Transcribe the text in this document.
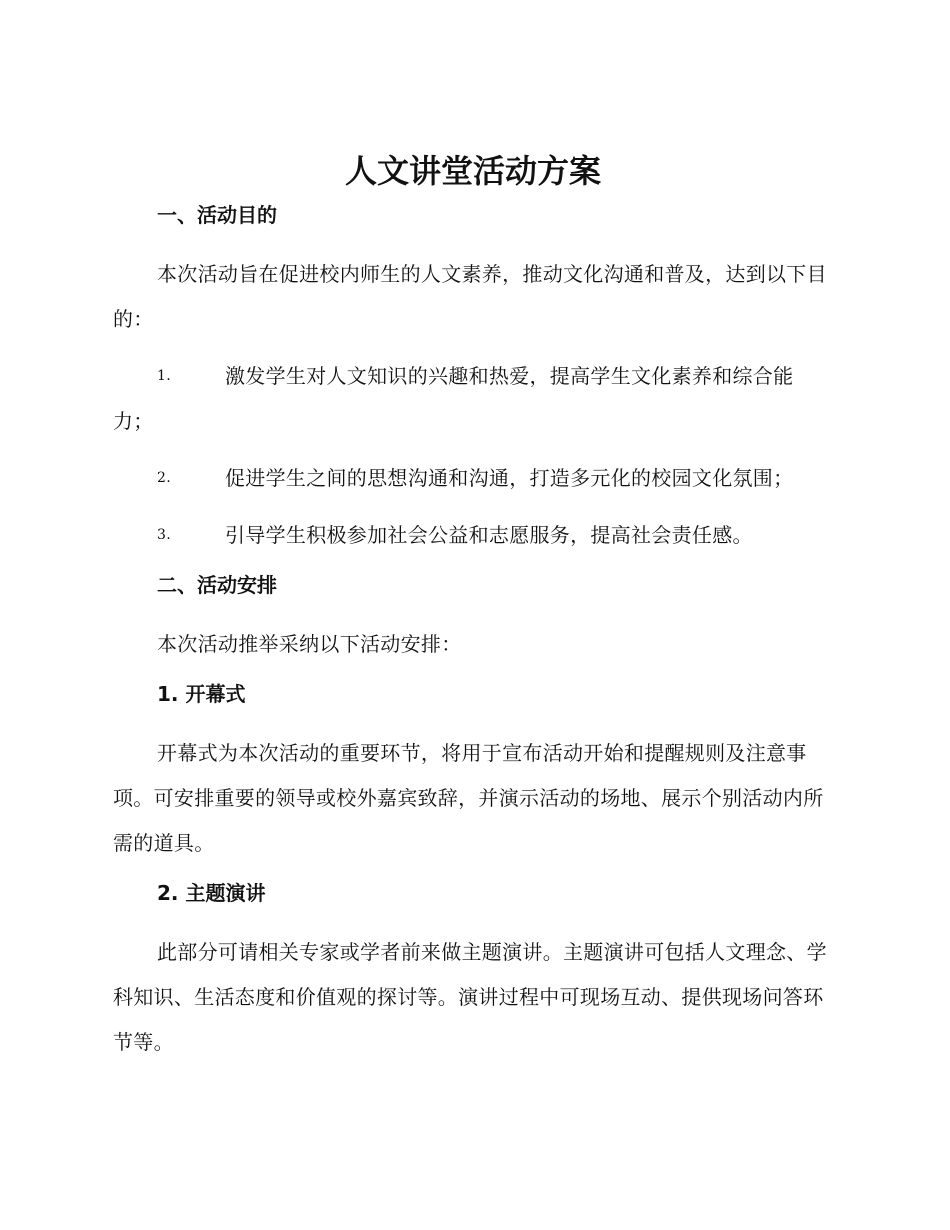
人文讲堂活动方案
一、活动目的

本次活动旨在促进校内师生的人文素养，推动文化沟通和普及，达到以下目的：

1.	激发学生对人文知识的兴趣和热爱，提高学生文化素养和综合能力；
2.	促进学生之间的思想沟通和沟通，打造多元化的校园文化氛围；
3.	引导学生积极参加社会公益和志愿服务，提高社会责任感。
二、活动安排

本次活动推举采纳以下活动安排：

1. 开幕式

开幕式为本次活动的重要环节，将用于宣布活动开始和提醒规则及注意事项。可安排重要的领导或校外嘉宾致辞，并演示活动的场地、展示个别活动内所需的道具。

2. 主题演讲

此部分可请相关专家或学者前来做主题演讲。主题演讲可包括人文理念、学科知识、生活态度和价值观的探讨等。演讲过程中可现场互动、提供现场问答环节等。
